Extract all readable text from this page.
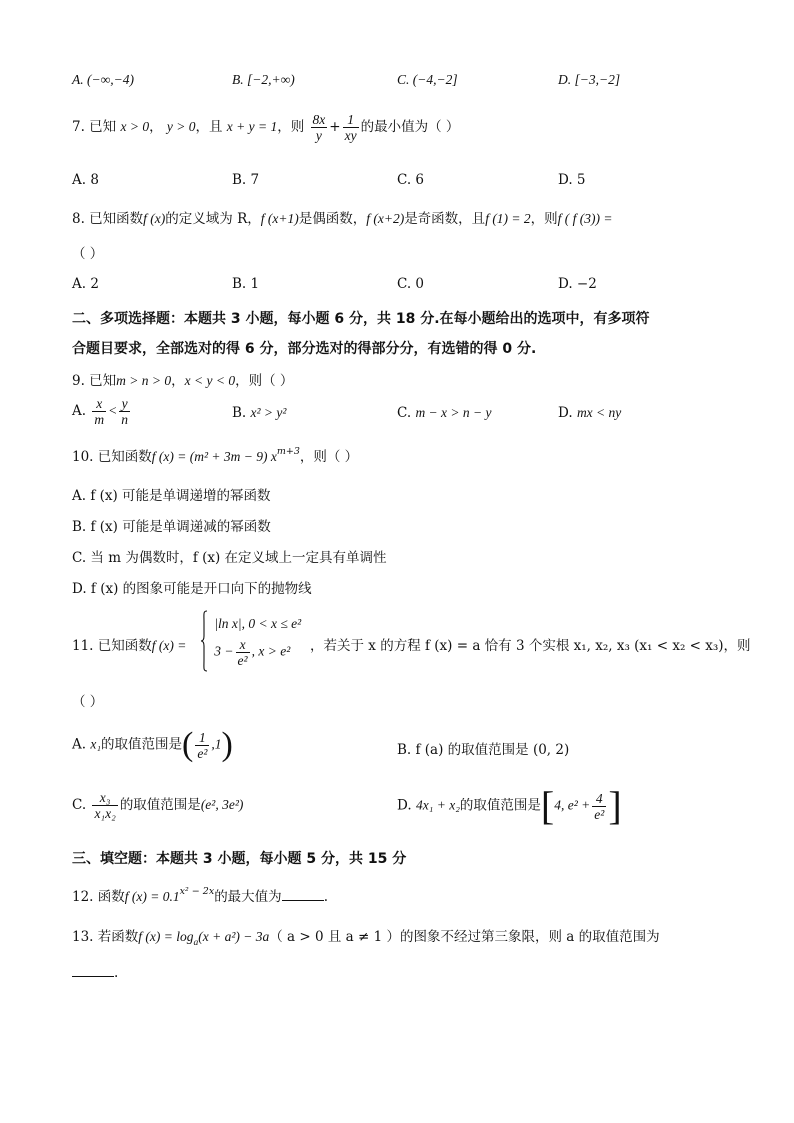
A. (−∞,−4)	B. [−2,+∞)	C. (−4,−2]	D. [−3,−2]
7. 已知 x > 0， y > 0，且 x + y = 1，则 $\frac{8x}{y} + \frac{1}{xy}$ 的最小值为（ ）
A. 8	B. 7	C. 6	D. 5
8. 已知函数f (x)的定义域为 R，f (x+1)是偶函数，f (x+2)是奇函数，且f (1) = 2，则f ( f (3)) =
（ ）
A. 2	B. 1	C. 0	D. −2
二、多项选择题：本题共 3 小题，每小题 6 分，共 18 分.在每小题给出的选项中，有多项符
合题目要求，全部选对的得 6 分，部分选对的得部分分，有选错的得 0 分.
9. 已知m > n > 0，x < y < 0，则（ ）
A. $\frac{x}{m} < \frac{y}{n}$	B. x² > y²	C. m − x > n − y	D. mx < ny
10. 已知函数f (x) = (m² + 3m − 9) $x^{m+3}$，则（ ）
A. f (x) 可能是单调递增的幂函数
B. f (x) 可能是单调递减的幂函数
C. 当 m 为偶数时，f (x) 在定义域上一定具有单调性
D. f (x) 的图象可能是开口向下的抛物线
11. 已知函数f (x) =

|ln x|, 0 < x ≤ e²
$3 - \frac{x}{\text{e²}}$ , x > e²	，若关于 x 的方程 f (x) = a 恰有 3 个实根 x₁, x₂, x₃ (x₁ < x₂ < x₃)，则
（ ）
A. x₁的取值范围是( $\frac{1}{\text{e²}} ,1$)	B. f (a) 的取值范围是 (0, 2)
C. $\frac{\text{x₃}}{\text{x₁x₂}}$ 的取值范围是(e², 3e²)	D. 4x₁ + x₂的取值范围是[4, $e^2 + \frac{4}{\text{e²}}$ ]
三、填空题：本题共 3 小题，每小题 5 分，共 15 分
12. 函数f $(x) = 0.1^{x^2 - 2x}$的最大值为	.
13. 若函数f $(x) = \log_a(x + a^2) - 3a$（ a > 0 且 a ≠ 1 ）的图象不经过第三象限，则 a 的取值范围为
.
